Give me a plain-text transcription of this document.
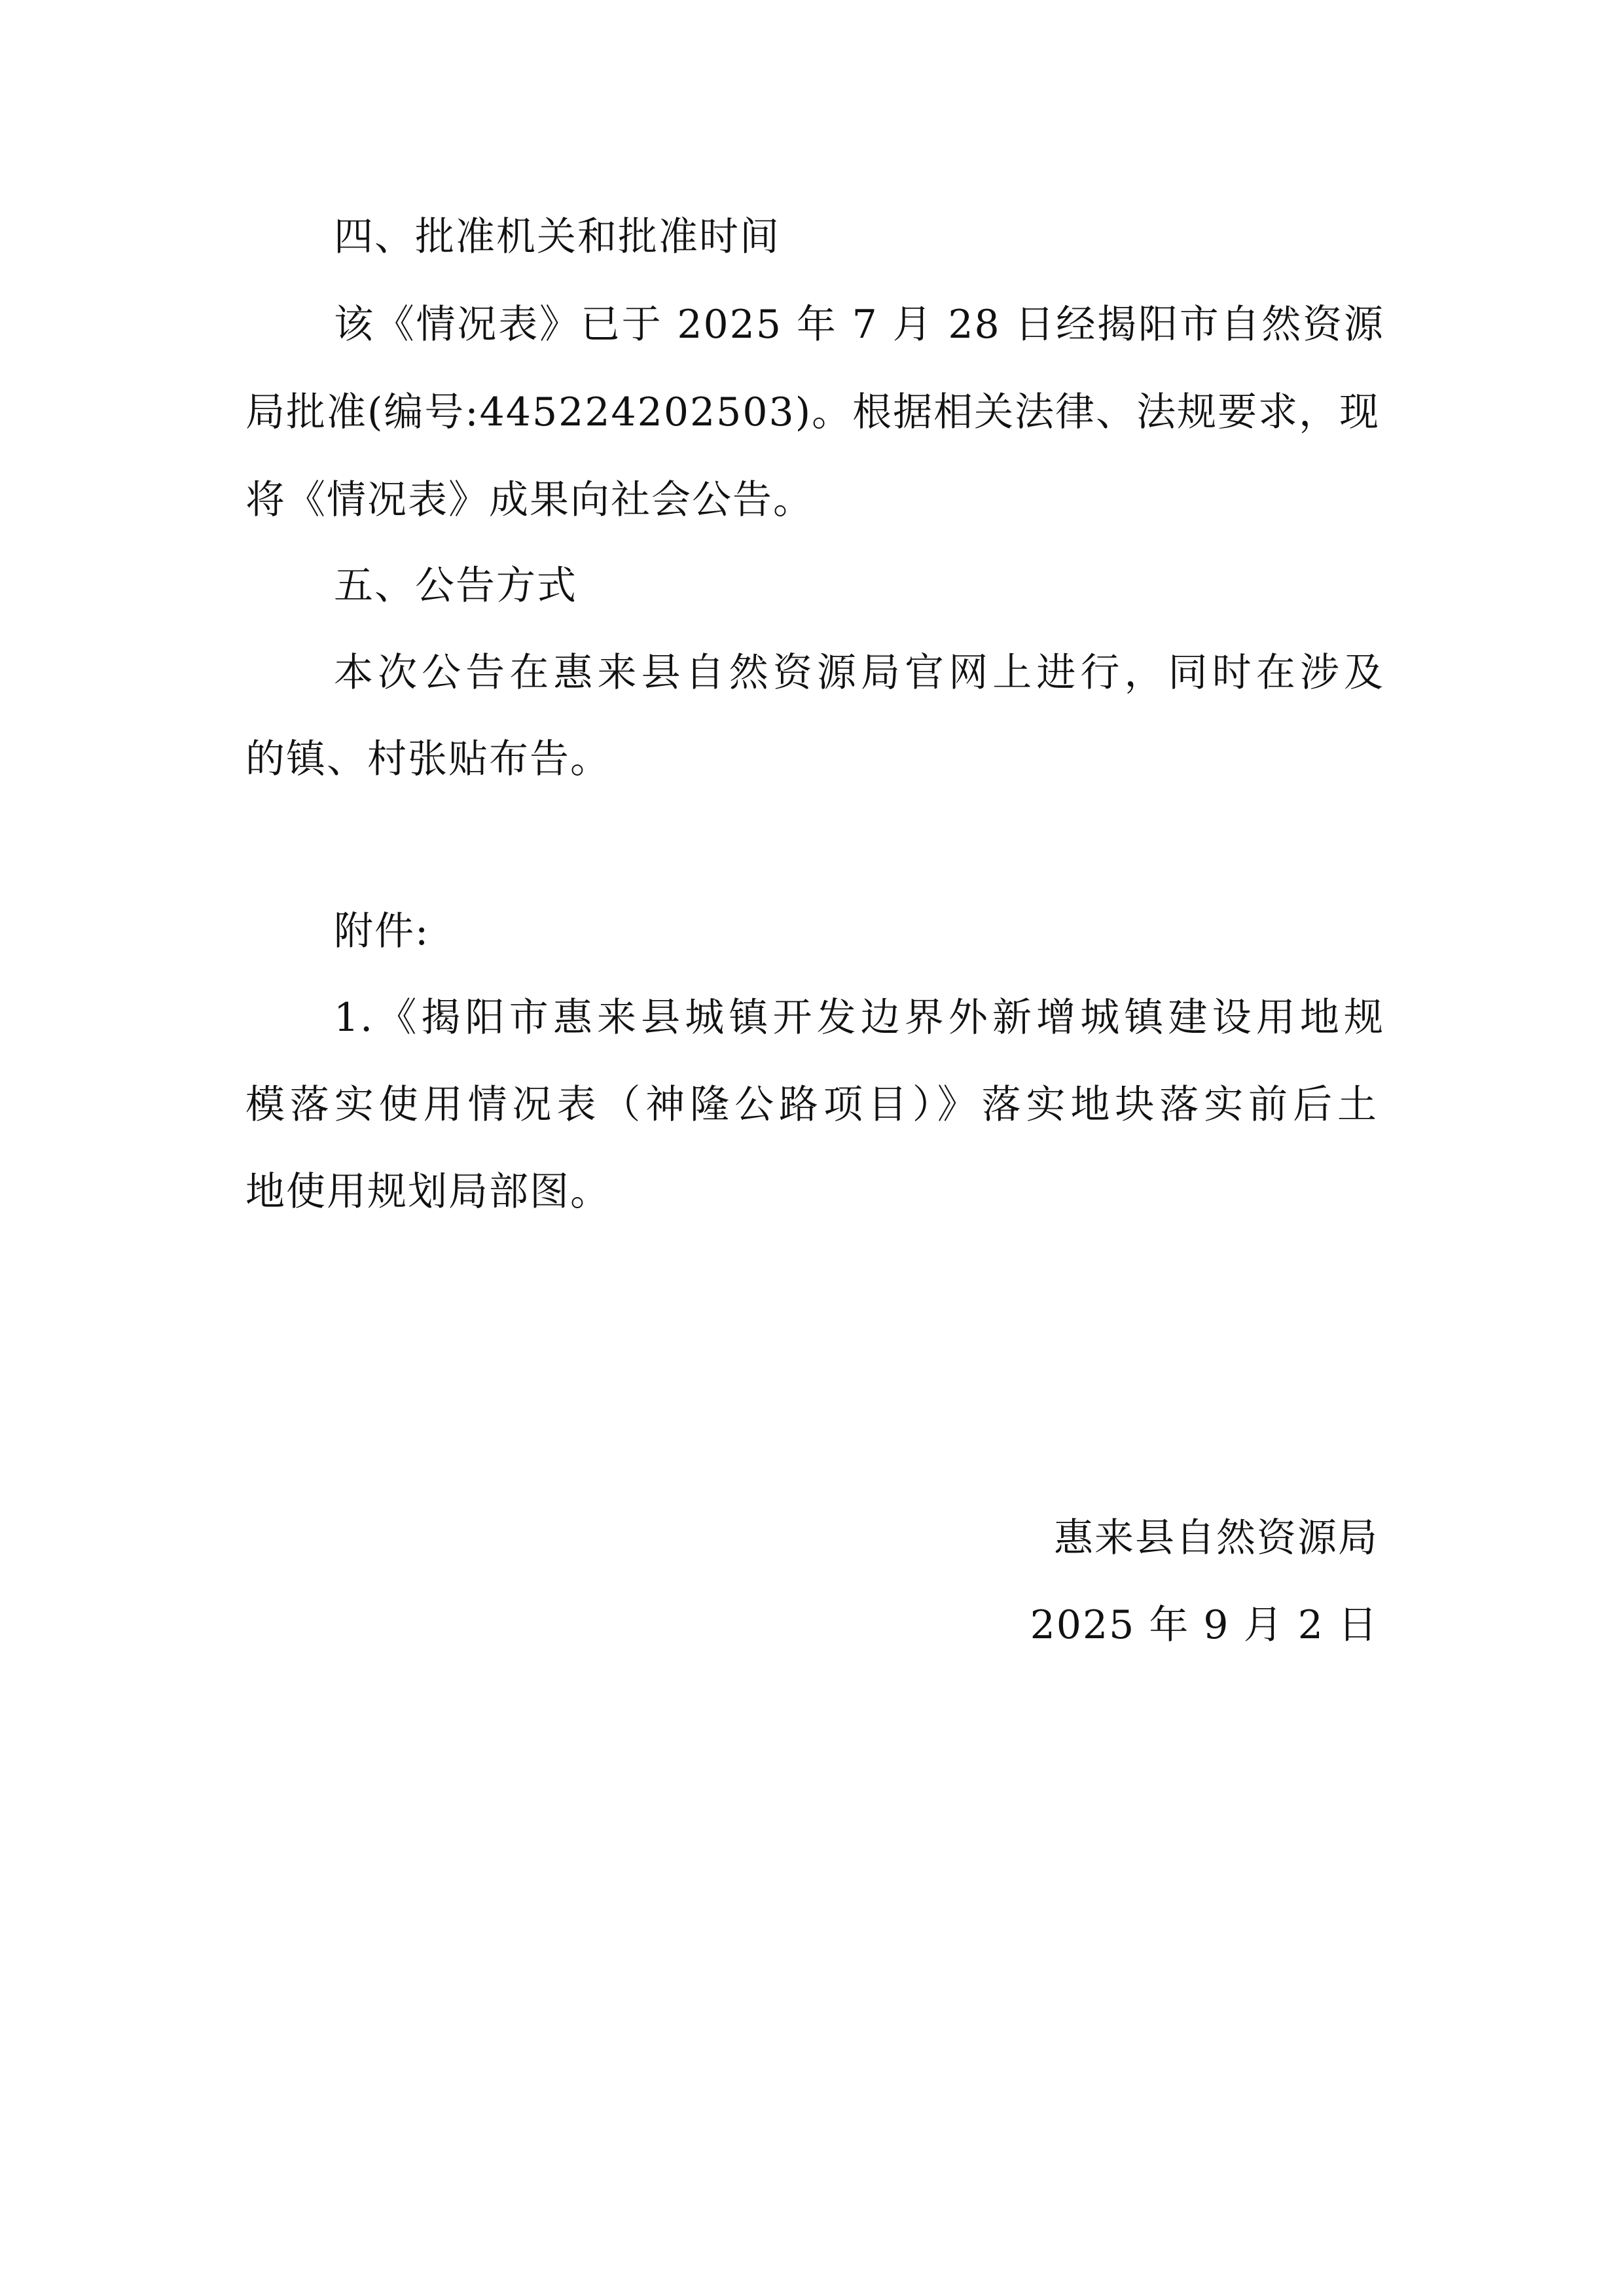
四、批准机关和批准时间
该《情况表》已于 2025 年 7 月 28 日经揭阳市自然资源
局批准(编号:445224202503)。根据相关法律、法规要求，现
将《情况表》成果向社会公告。
五、公告方式
本次公告在惠来县自然资源局官网上进行，同时在涉及
的镇、村张贴布告。
附件:
1.《揭阳市惠来县城镇开发边界外新增城镇建设用地规
模落实使用情况表（神隆公路项目）》落实地块落实前后土
地使用规划局部图。
惠来县自然资源局
2025 年 9 月 2 日
